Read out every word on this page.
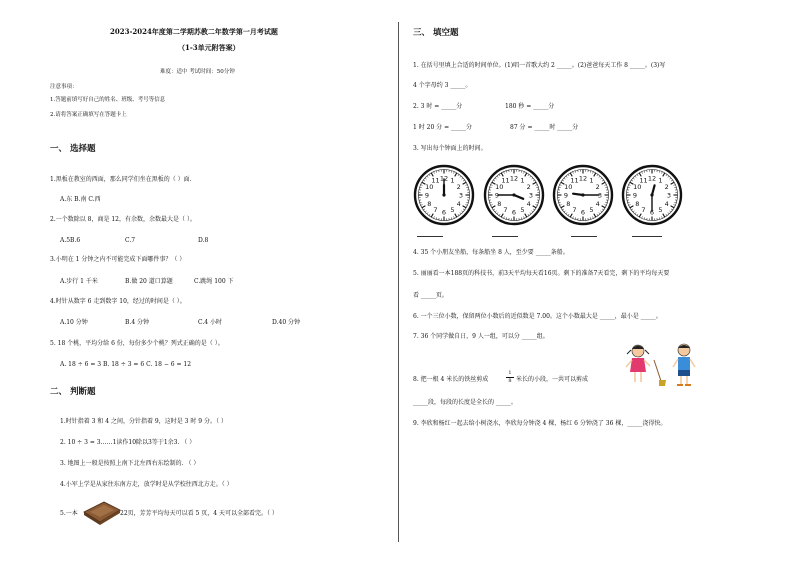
2023-2024年度第二学期苏教二年数学第一月考试题
（1-3单元附答案）
难度：适中 考试时间：50分钟
注意事项：
1.答题前填写好自己的姓名、班级、考号等信息
2.请将答案正确填写在答题卡上
一、 选择题
1.黑板在教室的西面，那么同学们坐在黑板的（ ）面.
A.东 B.南 C.西
2.一个数除以 8，商是 12，有余数，余数最大是（ ）。
A.5B.6	C.7	D.8
3.小明在 1 分钟之内不可能完成下面哪件事？（ ）
A.步行 1 千米	B.做 20 道口算题	C.跳绳 100 下
4.时针从数字 6 走到数字 10，经过的时间是（ ）。
A.10 分钟	B.4 分钟	C.4 小时	D.40 分钟
5. 18 个桃，平均分给 6 份，每份多少个桃？列式正确的是（ ）。
A. 18 ÷ 6 = 3 B. 18 ÷ 3 = 6 C. 18 − 6 = 12
二、 判断题
1.时针指着 3 和 4 之间，分针指着 9，这时是 3 时 9 分。（ ）
2. 10 ÷ 3 = 3……1读作10除以3等于1余3. （ ）
3. 地图上一般是按照上南下北左西右东绘制的. （ ）
4.小军上学是从家往东南方走，放学时是从学校往西北方走。（ ）
5.一本	22页，芳芳平均每天可以看 5 页，4 天可以全部看完。（ ）
三、 填空题
1. 在括号里填上合适的时间单位。(1)唱一首歌大约 2 _____。(2)爸爸每天工作 8 _____。(3)写
4 个字母约 3 _____。
2. 3 时 = _____分	180 秒 = _____分
1 时 20 分 = _____分	87 分 = _____时 _____分
3. 写出每个钟面上的时间。
1
2
3
4
5
6
7
8
9
10
11 12	1
2
3
4
5
6
7
8
9
10
11 12	1
2
3
4
5
6
7
8
9
10
11 12	1
2
3
4
5
6
7
8
9
10
11 12
4. 35 个小朋友坐船，每条船坐 8 人，至少要 _____条船。
5. 丽丽看一本188页的科技书，前3天平均每天看16页。剩下的准备7天看完，剩下的平均每天要
看 _____页。
6. 一个三位小数，保留两位小数后的近似数是 7.00。这个小数最大是 _____，最小是 _____。
7. 36 个同学做自日，9 人一组，可以分 _____组。
8. 把一根 4 米长的铁丝剪成
1
8 米长的小段，一共可以剪成
_____段，每段的长度是全长的 _____。
9. 李欣和杨红一起去给小树浇水，李欣每分钟浇 4 棵，杨红 6 分钟浇了 36 棵，_____浇得快。
